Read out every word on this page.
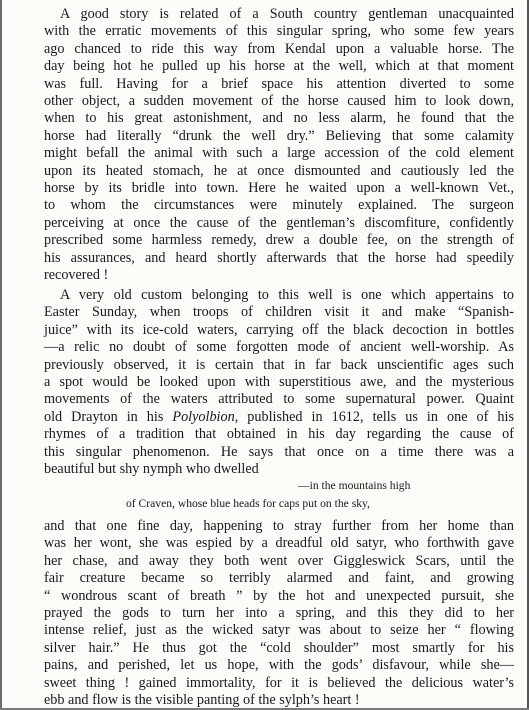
A good story is related of a South country gentleman unacquainted
with the erratic movements of this singular spring, who some few years
ago chanced to ride this way from Kendal upon a valuable horse. The
day being hot he pulled up his horse at the well, which at that moment
was full. Having for a brief space his attention diverted to some
other object, a sudden movement of the horse caused him to look down,
when to his great astonishment, and no less alarm, he found that the
horse had literally “drunk the well dry.” Believing that some calamity
might befall the animal with such a large accession of the cold element
upon its heated stomach, he at once dismounted and cautiously led the
horse by its bridle into town. Here he waited upon a well-known Vet.,
to whom the circumstances were minutely explained. The surgeon
perceiving at once the cause of the gentleman’s discomfiture, confidently
prescribed some harmless remedy, drew a double fee, on the strength of
his assurances, and heard shortly afterwards that the horse had speedily
recovered !
A very old custom belonging to this well is one which appertains to
Easter Sunday, when troops of children visit it and make “Spanish-
juice” with its ice-cold waters, carrying off the black decoction in bottles
—a relic no doubt of some forgotten mode of ancient well-worship. As
previously observed, it is certain that in far back unscientific ages such
a spot would be looked upon with superstitious awe, and the mysterious
movements of the waters attributed to some supernatural power. Quaint
old Drayton in his Polyolbion, published in 1612, tells us in one of his
rhymes of a tradition that obtained in his day regarding the cause of
this singular phenomenon. He says that once on a time there was a
beautiful but shy nymph who dwelled
—in the mountains high
of Craven, whose blue heads for caps put on the sky,
and that one fine day, happening to stray further from her home than
was her wont, she was espied by a dreadful old satyr, who forthwith gave
her chase, and away they both went over Giggleswick Scars, until the
fair creature became so terribly alarmed and faint, and growing
“ wondrous scant of breath ” by the hot and unexpected pursuit, she
prayed the gods to turn her into a spring, and this they did to her
intense relief, just as the wicked satyr was about to seize her “ flowing
silver hair.” He thus got the “cold shoulder” most smartly for his
pains, and perished, let us hope, with the gods’ disfavour, while she—
sweet thing ! gained immortality, for it is believed the delicious water’s
ebb and flow is the visible panting of the sylph’s heart !
